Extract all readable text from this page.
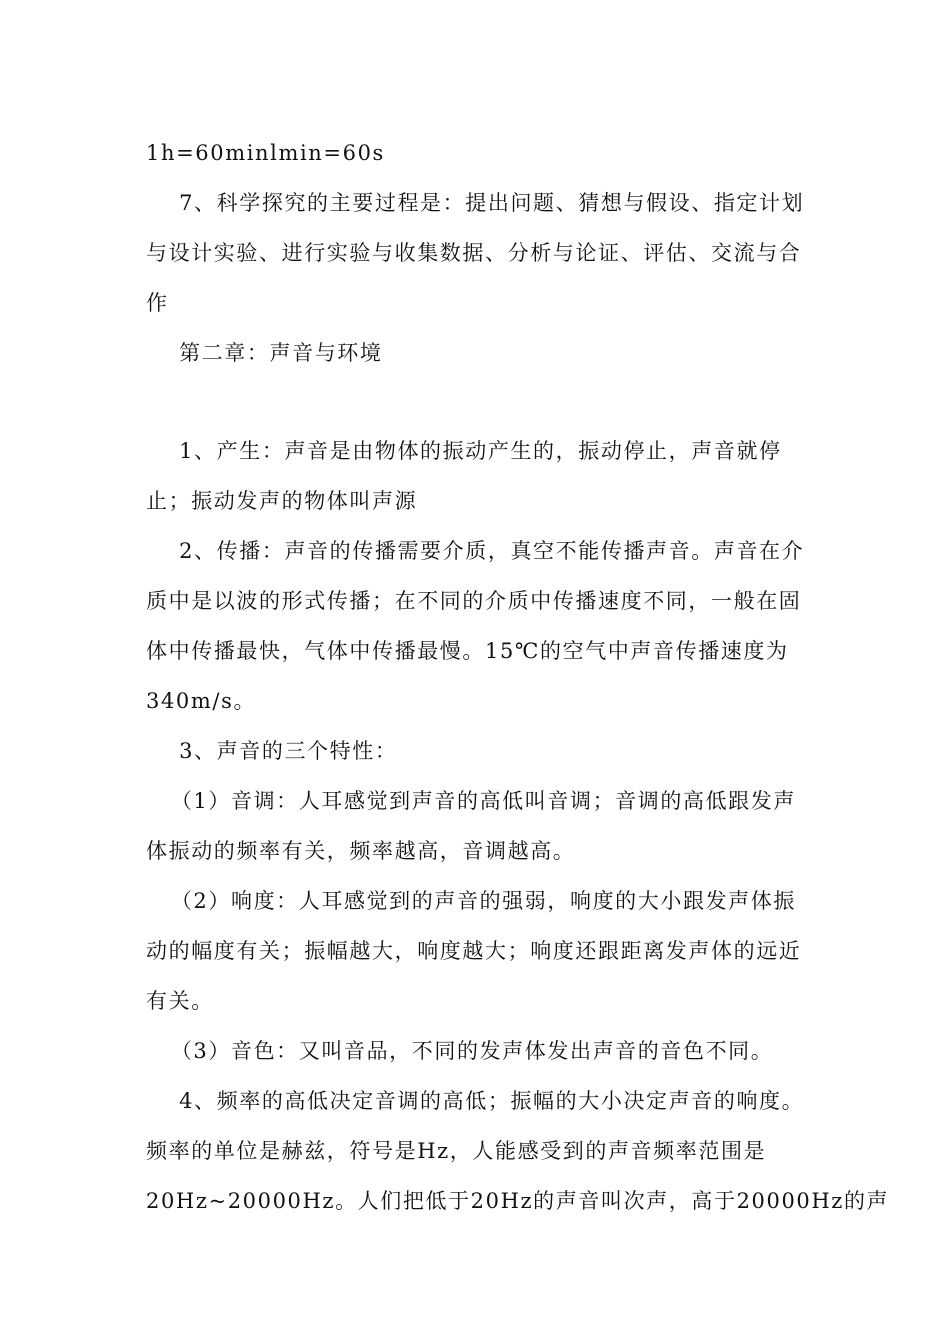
1h=60minlmin=60s
7、科学探究的主要过程是：提出问题、猜想与假设、指定计划
与设计实验、进行实验与收集数据、分析与论证、评估、交流与合
作
第二章：声音与环境
1、产生：声音是由物体的振动产生的，振动停止，声音就停
止；振动发声的物体叫声源
2、传播：声音的传播需要介质，真空不能传播声音。声音在介
质中是以波的形式传播；在不同的介质中传播速度不同，一般在固
体中传播最快，气体中传播最慢。15℃的空气中声音传播速度为
340m/s。
3、声音的三个特性：
（1）音调：人耳感觉到声音的高低叫音调；音调的高低跟发声
体振动的频率有关，频率越高，音调越高。
（2）响度：人耳感觉到的声音的强弱，响度的大小跟发声体振
动的幅度有关；振幅越大，响度越大；响度还跟距离发声体的远近
有关。
（3）音色：又叫音品，不同的发声体发出声音的音色不同。
4、频率的高低决定音调的高低；振幅的大小决定声音的响度。
频率的单位是赫兹，符号是Hz，人能感受到的声音频率范围是
20Hz~20000Hz。人们把低于20Hz的声音叫次声，高于20000Hz的声
